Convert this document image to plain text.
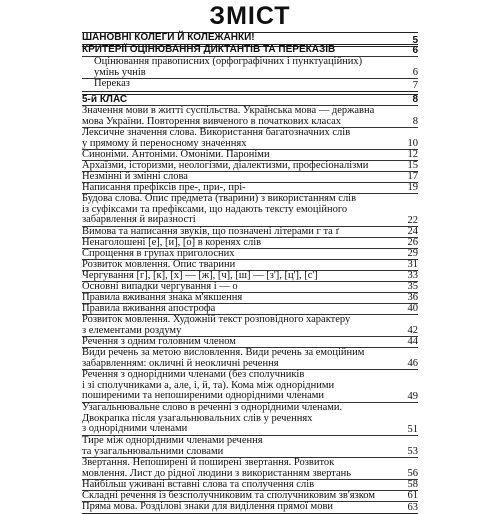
ЗМІСТ
ШАНОВНІ КОЛЕГИ Й КОЛЕЖАНКИ!	5
КРИТЕРІЇ ОЦІНЮВАННЯ ДИКТАНТІВ ТА ПЕРЕКАЗІВ	6
Оцінювання правописних (орфографічних і пунктуаційних)
умінь учнів	6
Переказ	7
5-й КЛАС	8
Значення мови в житті суспільства. Українська мова — державна
мова України. Повторення вивченого в початкових класах	8
Лексичне значення слова. Використання багатозначних слів
у прямому й переносному значеннях	10
Синоніми. Антоніми. Омоніми. Пароніми	12
Архаїзми, історизми, неологізми, діалектизми, професіоналізми	15
Незмінні й змінні слова	17
Написання префіксів пре-, при-, прі-	19
Будова слова. Опис предмета (тварини) з використанням слів
із суфіксами та префіксами, що надають тексту емоційного
забарвлення й виразності	22
Вимова та написання звуків, що позначені літерами г та ґ	24
Ненаголошені [е], [и], [о] в коренях слів	26
Спрощення в групах приголосних	29
Розвиток мовлення. Опис тварини	31
Чергування [г], [к], [х] — [ж], [ч], [ш] — [з'], [ц'], [с']	33
Основні випадки чергування і — о	35
Правила вживання знака м'якшення	36
Правила вживання апострофа	40
Розвиток мовлення. Художній текст розповідного характеру
з елементами роздуму	42
Речення з одним головним членом	44
Види речень за метою висловлення. Види речень за емоційним
забарвленням: окличні й неокличні речення	46
Речення з однорідними членами (без сполучників
і зі сполучниками а, але, і, й, та). Кома між однорідними
поширеними та непоширеними однорідними членами	49
Узагальнювальне слово в реченні з однорідними членами.
Двокрапка після узагальнювальних слів у реченнях
з однорідними членами	51
Тире між однорідними членами речення
та узагальнювальними словами	53
Звертання. Непоширені й поширені звертання. Розвиток
мовлення. Лист до рідної людини з використанням звертань	56
Найбільш уживані вставні слова та сполучення слів	58
Складні речення із безсполучниковим та сполучниковим зв'язком	61
Пряма мова. Розділові знаки для виділення прямої мови	63
